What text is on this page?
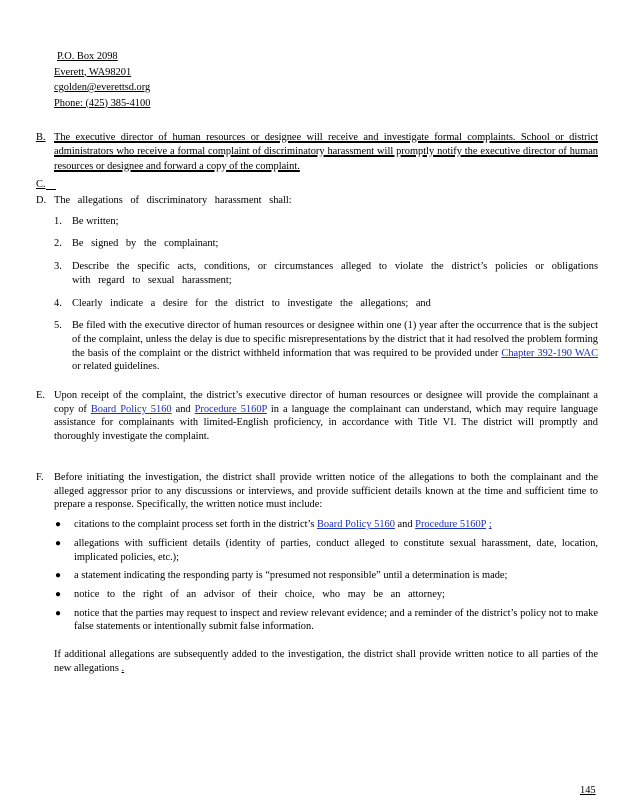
P.O. Box 2098
Everett, WA98201
cgolden@everettsd.org
Phone: (425) 385-4100
B. The executive director of human resources or designee will receive and investigate formal complaints. School or district administrators who receive a formal complaint of discriminatory harassment will promptly notify the executive director of human resources or designee and forward a copy of the complaint.
C.
D. The allegations of discriminatory harassment shall:
1. Be written;
2. Be signed by the complainant;
3. Describe the specific acts, conditions, or circumstances alleged to violate the district’s policies or obligations with regard to sexual harassment;
4. Clearly indicate a desire for the district to investigate the allegations; and
5. Be filed with the executive director of human resources or designee within one (1) year after the occurrence that is the subject of the complaint, unless the delay is due to specific misrepresentations by the district that it had resolved the problem forming the basis of the complaint or the district withheld information that was required to be provided under Chapter 392-190 WAC or related guidelines.
E. Upon receipt of the complaint, the district’s executive director of human resources or designee will provide the complainant a copy of Board Policy 5160 and Procedure 5160P in a language the complainant can understand, which may require language assistance for complainants with limited-English proficiency, in accordance with Title VI. The district will promptly and thoroughly investigate the complaint.
F. Before initiating the investigation, the district shall provide written notice of the allegations to both the complainant and the alleged aggressor prior to any discussions or interviews, and provide sufficient details known at the time and sufficient time to prepare a response. Specifically, the written notice must include:
● citations to the complaint process set forth in the district’s Board Policy 5160 and Procedure 5160P ;
● allegations with sufficient details (identity of parties, conduct alleged to constitute sexual harassment, date, location, implicated policies, etc.);
● a statement indicating the responding party is “presumed not responsible” until a determination is made;
● notice to the right of an advisor of their choice, who may be an attorney;
● notice that the parties may request to inspect and review relevant evidence; and a reminder of the district’s policy not to make false statements or intentionally submit false information.
If additional allegations are subsequently added to the investigation, the district shall provide written notice to all parties of the new allegations .
145
